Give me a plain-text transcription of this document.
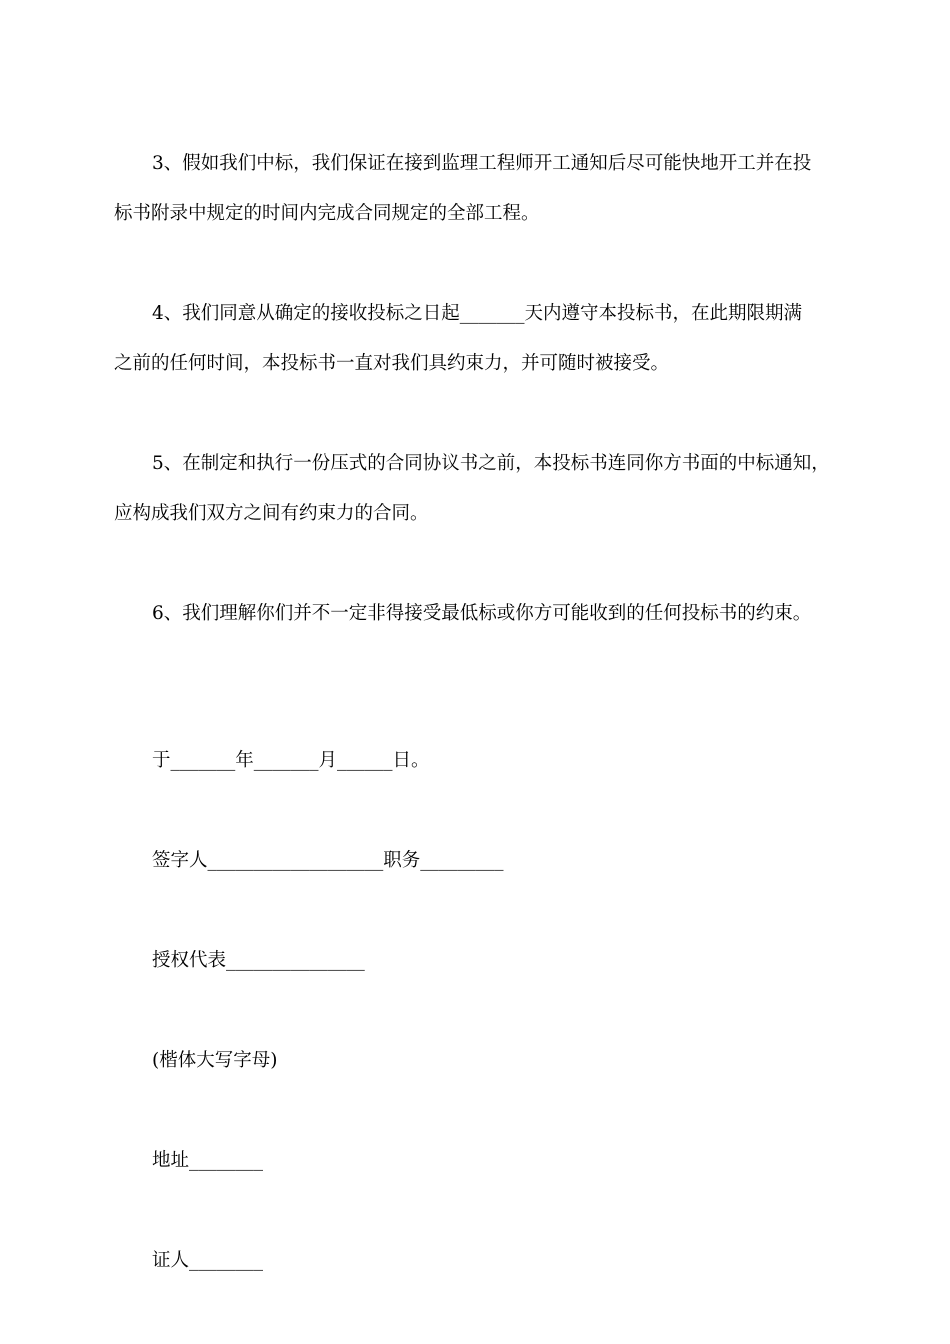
3、假如我们中标，我们保证在接到监理工程师开工通知后尽可能快地开工并在投
标书附录中规定的时间内完成合同规定的全部工程。
4、我们同意从确定的接收投标之日起_______天内遵守本投标书，在此期限期满
之前的任何时间，本投标书一直对我们具约束力，并可随时被接受。
5、在制定和执行一份压式的合同协议书之前，本投标书连同你方书面的中标通知，
应构成我们双方之间有约束力的合同。
6、我们理解你们并不一定非得接受最低标或你方可能收到的任何投标书的约束。
于_______年_______月______日。
签字人___________________职务_________
授权代表_______________
(楷体大写字母)
地址________
证人________
